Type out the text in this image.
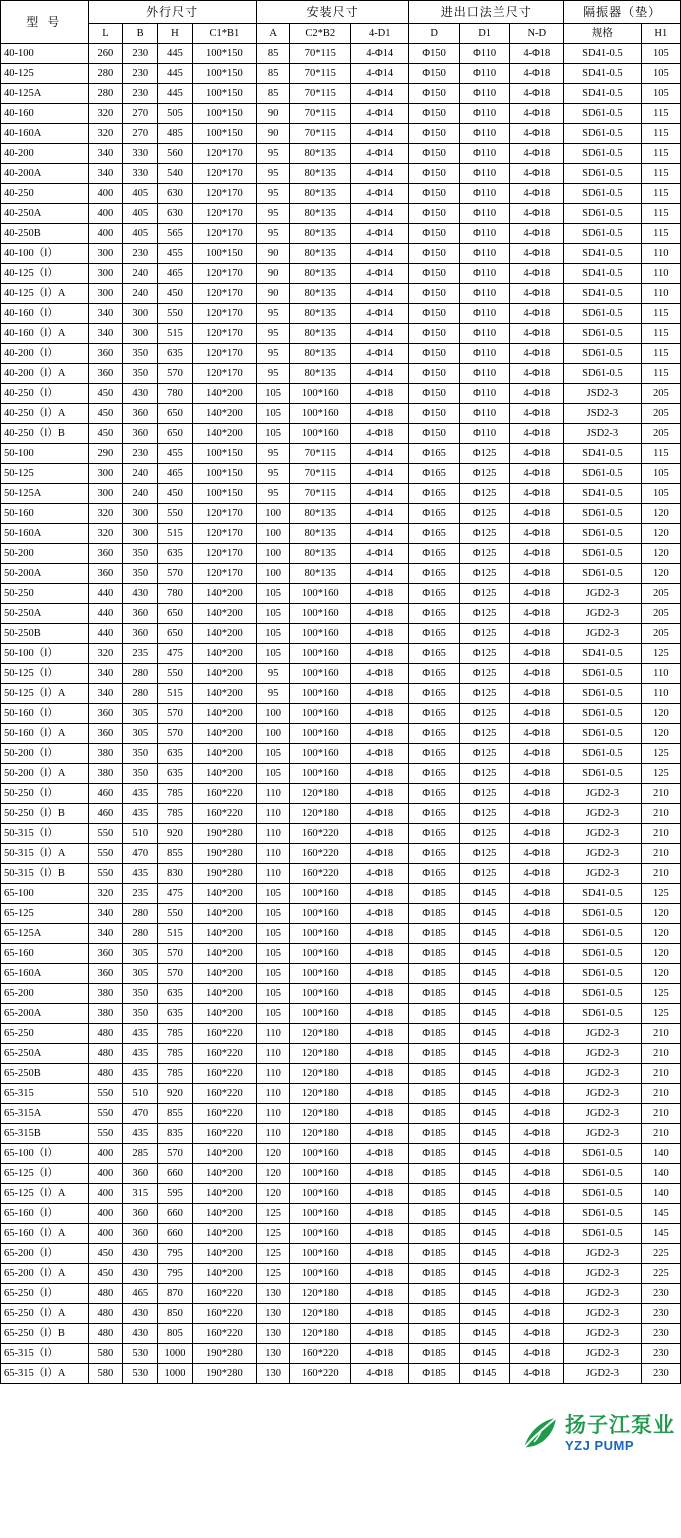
型 号	外行尺寸				安装尺寸			进出口法兰尺寸			隔振器（垫）	
	L	B	H	C1*B1	A	C2*B2	4-D1	D	D1	N-D	规格	H1
40-100	260	230	445	100*150	85	70*115	4-Φ14	Φ150	Φ110	4-Φ18	SD41-0.5	105
40-125	280	230	445	100*150	85	70*115	4-Φ14	Φ150	Φ110	4-Φ18	SD41-0.5	105
40-125A	280	230	445	100*150	85	70*115	4-Φ14	Φ150	Φ110	4-Φ18	SD41-0.5	105
40-160	320	270	505	100*150	90	70*115	4-Φ14	Φ150	Φ110	4-Φ18	SD61-0.5	115
40-160A	320	270	485	100*150	90	70*115	4-Φ14	Φ150	Φ110	4-Φ18	SD61-0.5	115
40-200	340	330	560	120*170	95	80*135	4-Φ14	Φ150	Φ110	4-Φ18	SD61-0.5	115
40-200A	340	330	540	120*170	95	80*135	4-Φ14	Φ150	Φ110	4-Φ18	SD61-0.5	115
40-250	400	405	630	120*170	95	80*135	4-Φ14	Φ150	Φ110	4-Φ18	SD61-0.5	115
40-250A	400	405	630	120*170	95	80*135	4-Φ14	Φ150	Φ110	4-Φ18	SD61-0.5	115
40-250B	400	405	565	120*170	95	80*135	4-Φ14	Φ150	Φ110	4-Φ18	SD61-0.5	115
40-100（Ⅰ）	300	230	455	100*150	90	80*135	4-Φ14	Φ150	Φ110	4-Φ18	SD41-0.5	110
40-125（Ⅰ）	300	240	465	120*170	90	80*135	4-Φ14	Φ150	Φ110	4-Φ18	SD41-0.5	110
40-125（Ⅰ）A	300	240	450	120*170	90	80*135	4-Φ14	Φ150	Φ110	4-Φ18	SD41-0.5	110
40-160（Ⅰ）	340	300	550	120*170	95	80*135	4-Φ14	Φ150	Φ110	4-Φ18	SD61-0.5	115
40-160（Ⅰ）A	340	300	515	120*170	95	80*135	4-Φ14	Φ150	Φ110	4-Φ18	SD61-0.5	115
40-200（Ⅰ）	360	350	635	120*170	95	80*135	4-Φ14	Φ150	Φ110	4-Φ18	SD61-0.5	115
40-200（Ⅰ）A	360	350	570	120*170	95	80*135	4-Φ14	Φ150	Φ110	4-Φ18	SD61-0.5	115
40-250（Ⅰ）	450	430	780	140*200	105	100*160	4-Φ18	Φ150	Φ110	4-Φ18	JSD2-3	205
40-250（Ⅰ）A	450	360	650	140*200	105	100*160	4-Φ18	Φ150	Φ110	4-Φ18	JSD2-3	205
40-250（Ⅰ）B	450	360	650	140*200	105	100*160	4-Φ18	Φ150	Φ110	4-Φ18	JSD2-3	205
50-100	290	230	455	100*150	95	70*115	4-Φ14	Φ165	Φ125	4-Φ18	SD41-0.5	115
50-125	300	240	465	100*150	95	70*115	4-Φ14	Φ165	Φ125	4-Φ18	SD61-0.5	105
50-125A	300	240	450	100*150	95	70*115	4-Φ14	Φ165	Φ125	4-Φ18	SD41-0.5	105
50-160	320	300	550	120*170	100	80*135	4-Φ14	Φ165	Φ125	4-Φ18	SD61-0.5	120
50-160A	320	300	515	120*170	100	80*135	4-Φ14	Φ165	Φ125	4-Φ18	SD61-0.5	120
50-200	360	350	635	120*170	100	80*135	4-Φ14	Φ165	Φ125	4-Φ18	SD61-0.5	120
50-200A	360	350	570	120*170	100	80*135	4-Φ14	Φ165	Φ125	4-Φ18	SD61-0.5	120
50-250	440	430	780	140*200	105	100*160	4-Φ18	Φ165	Φ125	4-Φ18	JGD2-3	205
50-250A	440	360	650	140*200	105	100*160	4-Φ18	Φ165	Φ125	4-Φ18	JGD2-3	205
50-250B	440	360	650	140*200	105	100*160	4-Φ18	Φ165	Φ125	4-Φ18	JGD2-3	205
50-100（Ⅰ）	320	235	475	140*200	105	100*160	4-Φ18	Φ165	Φ125	4-Φ18	SD41-0.5	125
50-125（Ⅰ）	340	280	550	140*200	95	100*160	4-Φ18	Φ165	Φ125	4-Φ18	SD61-0.5	110
50-125（Ⅰ）A	340	280	515	140*200	95	100*160	4-Φ18	Φ165	Φ125	4-Φ18	SD61-0.5	110
50-160（Ⅰ）	360	305	570	140*200	100	100*160	4-Φ18	Φ165	Φ125	4-Φ18	SD61-0.5	120
50-160（Ⅰ）A	360	305	570	140*200	100	100*160	4-Φ18	Φ165	Φ125	4-Φ18	SD61-0.5	120
50-200（Ⅰ）	380	350	635	140*200	105	100*160	4-Φ18	Φ165	Φ125	4-Φ18	SD61-0.5	125
50-200（Ⅰ）A	380	350	635	140*200	105	100*160	4-Φ18	Φ165	Φ125	4-Φ18	SD61-0.5	125
50-250（Ⅰ）	460	435	785	160*220	110	120*180	4-Φ18	Φ165	Φ125	4-Φ18	JGD2-3	210
50-250（Ⅰ）B	460	435	785	160*220	110	120*180	4-Φ18	Φ165	Φ125	4-Φ18	JGD2-3	210
50-315（Ⅰ）	550	510	920	190*280	110	160*220	4-Φ18	Φ165	Φ125	4-Φ18	JGD2-3	210
50-315（Ⅰ）A	550	470	855	190*280	110	160*220	4-Φ18	Φ165	Φ125	4-Φ18	JGD2-3	210
50-315（Ⅰ）B	550	435	830	190*280	110	160*220	4-Φ18	Φ165	Φ125	4-Φ18	JGD2-3	210
65-100	320	235	475	140*200	105	100*160	4-Φ18	Φ185	Φ145	4-Φ18	SD41-0.5	125
65-125	340	280	550	140*200	105	100*160	4-Φ18	Φ185	Φ145	4-Φ18	SD61-0.5	120
65-125A	340	280	515	140*200	105	100*160	4-Φ18	Φ185	Φ145	4-Φ18	SD61-0.5	120
65-160	360	305	570	140*200	105	100*160	4-Φ18	Φ185	Φ145	4-Φ18	SD61-0.5	120
65-160A	360	305	570	140*200	105	100*160	4-Φ18	Φ185	Φ145	4-Φ18	SD61-0.5	120
65-200	380	350	635	140*200	105	100*160	4-Φ18	Φ185	Φ145	4-Φ18	SD61-0.5	125
65-200A	380	350	635	140*200	105	100*160	4-Φ18	Φ185	Φ145	4-Φ18	SD61-0.5	125
65-250	480	435	785	160*220	110	120*180	4-Φ18	Φ185	Φ145	4-Φ18	JGD2-3	210
65-250A	480	435	785	160*220	110	120*180	4-Φ18	Φ185	Φ145	4-Φ18	JGD2-3	210
65-250B	480	435	785	160*220	110	120*180	4-Φ18	Φ185	Φ145	4-Φ18	JGD2-3	210
65-315	550	510	920	160*220	110	120*180	4-Φ18	Φ185	Φ145	4-Φ18	JGD2-3	210
65-315A	550	470	855	160*220	110	120*180	4-Φ18	Φ185	Φ145	4-Φ18	JGD2-3	210
65-315B	550	435	835	160*220	110	120*180	4-Φ18	Φ185	Φ145	4-Φ18	JGD2-3	210
65-100（Ⅰ）	400	285	570	140*200	120	100*160	4-Φ18	Φ185	Φ145	4-Φ18	SD61-0.5	140
65-125（Ⅰ）	400	360	660	140*200	120	100*160	4-Φ18	Φ185	Φ145	4-Φ18	SD61-0.5	140
65-125（Ⅰ）A	400	315	595	140*200	120	100*160	4-Φ18	Φ185	Φ145	4-Φ18	SD61-0.5	140
65-160（Ⅰ）	400	360	660	140*200	125	100*160	4-Φ18	Φ185	Φ145	4-Φ18	SD61-0.5	145
65-160（Ⅰ）A	400	360	660	140*200	125	100*160	4-Φ18	Φ185	Φ145	4-Φ18	SD61-0.5	145
65-200（Ⅰ）	450	430	795	140*200	125	100*160	4-Φ18	Φ185	Φ145	4-Φ18	JGD2-3	225
65-200（Ⅰ）A	450	430	795	140*200	125	100*160	4-Φ18	Φ185	Φ145	4-Φ18	JGD2-3	225
65-250（Ⅰ）	480	465	870	160*220	130	120*180	4-Φ18	Φ185	Φ145	4-Φ18	JGD2-3	230
65-250（Ⅰ）A	480	430	850	160*220	130	120*180	4-Φ18	Φ185	Φ145	4-Φ18	JGD2-3	230
65-250（Ⅰ）B	480	430	805	160*220	130	120*180	4-Φ18	Φ185	Φ145	4-Φ18	JGD2-3	230
65-315（Ⅰ）	580	530	1000	190*280	130	160*220	4-Φ18	Φ185	Φ145	4-Φ18	JGD2-3	230
65-315（Ⅰ）A	580	530	1000	190*280	130	160*220	4-Φ18	Φ185	Φ145	4-Φ18	JGD2-3	230
扬子江泵业
YZJ PUMP
